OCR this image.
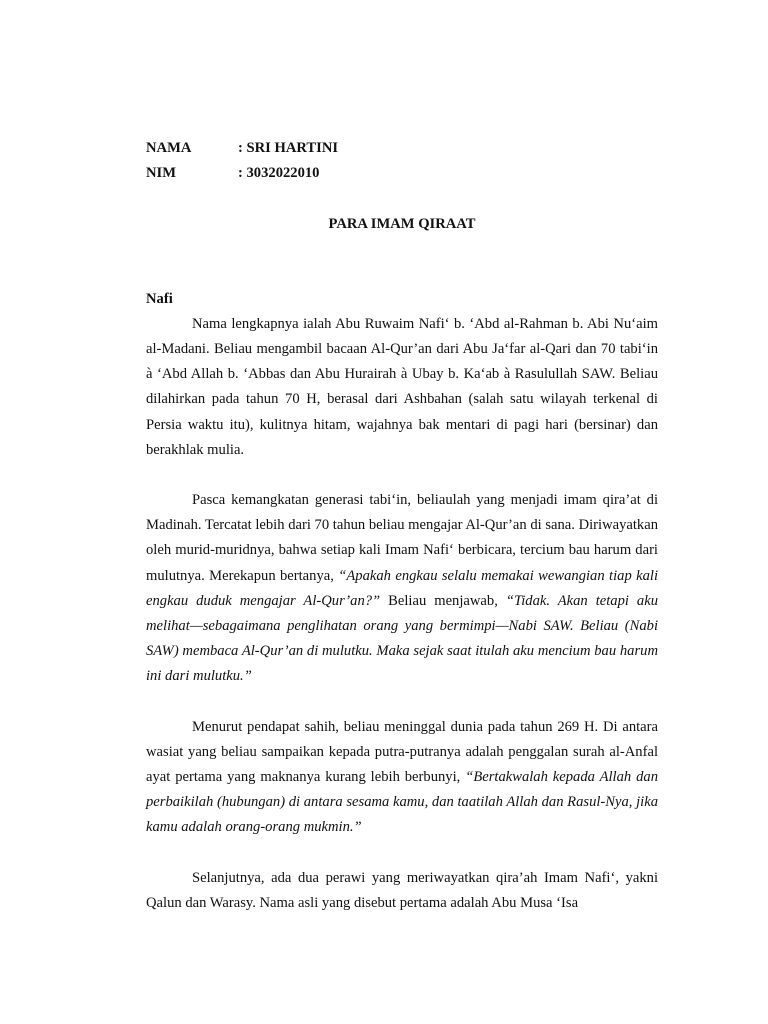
NAMA	: SRI HARTINI
NIM	: 3032022010
PARA IMAM QIRAAT
Nafi

Nama lengkapnya ialah Abu Ruwaim Nafi‘ b. ‘Abd al-Rahman b. Abi Nu‘aim al-Madani. Beliau mengambil bacaan Al-Qur’an dari Abu Ja‘far al-Qari dan 70 tabi‘in à ‘Abd Allah b. ‘Abbas dan Abu Hurairah à Ubay b. Ka‘ab à Rasulullah SAW. Beliau dilahirkan pada tahun 70 H, berasal dari Ashbahan (salah satu wilayah terkenal di Persia waktu itu), kulitnya hitam, wajahnya bak mentari di pagi hari (bersinar) dan berakhlak mulia.

Pasca kemangkatan generasi tabi‘in, beliaulah yang menjadi imam qira’at di Madinah. Tercatat lebih dari 70 tahun beliau mengajar Al-Qur’an di sana. Diriwayatkan oleh murid-muridnya, bahwa setiap kali Imam Nafi‘ berbicara, tercium bau harum dari mulutnya. Merekapun bertanya, “Apakah engkau selalu memakai wewangian tiap kali engkau duduk mengajar Al-Qur’an?” Beliau menjawab, “Tidak. Akan tetapi aku melihat—sebagaimana penglihatan orang yang bermimpi—Nabi SAW. Beliau (Nabi SAW) membaca Al-Qur’an di mulutku. Maka sejak saat itulah aku mencium bau harum ini dari mulutku.”

Menurut pendapat sahih, beliau meninggal dunia pada tahun 269 H. Di antara wasiat yang beliau sampaikan kepada putra-putranya adalah penggalan surah al-Anfal ayat pertama yang maknanya kurang lebih berbunyi, “Bertakwalah kepada Allah dan perbaikilah (hubungan) di antara sesama kamu, dan taatilah Allah dan Rasul-Nya, jika kamu adalah orang-orang mukmin.”

Selanjutnya, ada dua perawi yang meriwayatkan qira’ah Imam Nafi‘, yakni Qalun dan Warasy. Nama asli yang disebut pertama adalah Abu Musa ‘Isa
